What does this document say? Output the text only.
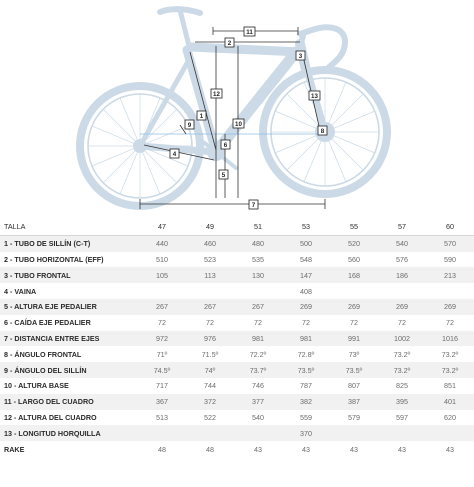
1
2
3
4
5
6
7
8
9	10
11
12	13
TALLA	47	49	51	53	55	57	60
1 - TUBO DE SILLÍN (C-T)	440	460	480	500	520	540	570
2 - TUBO HORIZONTAL (EFF)	510	523	535	548	560	576	590
3 - TUBO FRONTAL	105	113	130	147	168	186	213
4 - VAINA				408			
5 - ALTURA EJE PEDALIER	267	267	267	269	269	269	269
6 - CAÍDA EJE PEDALIER	72	72	72	72	72	72	72
7 - DISTANCIA ENTRE EJES	972	976	981	981	991	1002	1016
8 - ÁNGULO FRONTAL	71º	71.5º	72.2º	72.8º	73º	73.2º	73.2º
9 - ÁNGULO DEL SILLÍN	74.5º	74º	73.7º	73.5º	73.5º	73.2º	73.2º
10 - ALTURA BASE	717	744	746	787	807	825	851
11 - LARGO DEL CUADRO	367	372	377	382	387	395	401
12 - ALTURA DEL CUADRO	513	522	540	559	579	597	620
13 - LONGITUD HORQUILLA				370			
RAKE	48	48	43	43	43	43	43
